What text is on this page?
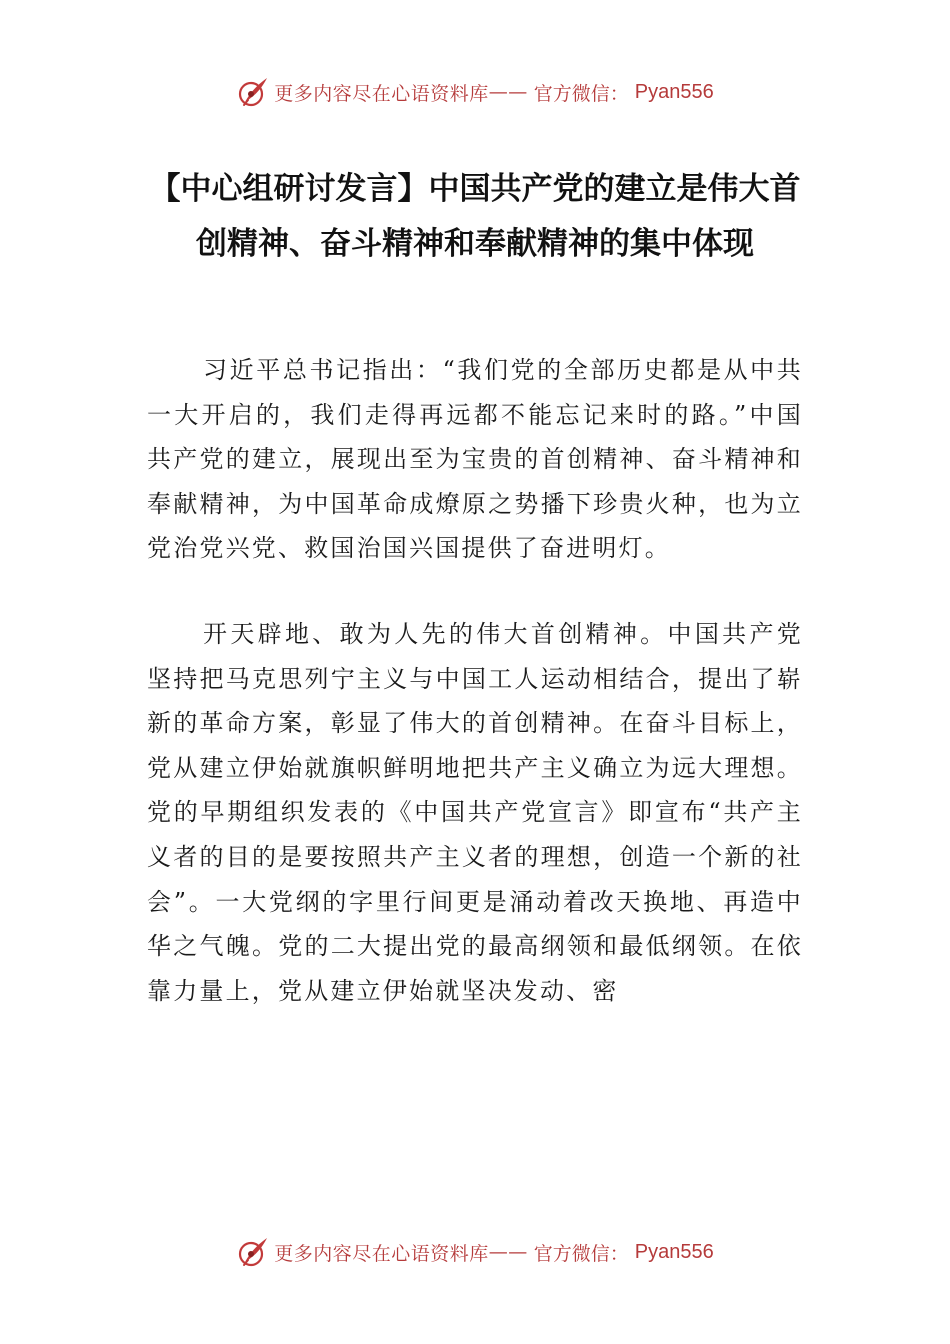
更多内容尽在心语资料库 —— 官方微信： Pyan556
【中心组研讨发言】中国共产党的建立是伟大首创精神、奋斗精神和奉献精神的集中体现

习近平总书记指出：“我们党的全部历史都是从中共一大开启的，我们走得再远都不能忘记来时的路。”中国共产党的建立，展现出至为宝贵的首创精神、奋斗精神和奉献精神，为中国革命成燎原之势播下珍贵火种，也为立党治党兴党、救国治国兴国提供了奋进明灯。

开天辟地、敢为人先的伟大首创精神。中国共产党坚持把马克思列宁主义与中国工人运动相结合，提出了崭新的革命方案，彰显了伟大的首创精神。在奋斗目标上，党从建立伊始就旗帜鲜明地把共产主义确立为远大理想。党的早期组织发表的《中国共产党宣言》即宣布“共产主义者的目的是要按照共产主义者的理想，创造一个新的社会”。一大党纲的字里行间更是涌动着改天换地、再造中华之气魄。党的二大提出党的最高纲领和最低纲领。在依靠力量上，党从建立伊始就坚决发动、密

更多内容尽在心语资料库 —— 官方微信： Pyan556
